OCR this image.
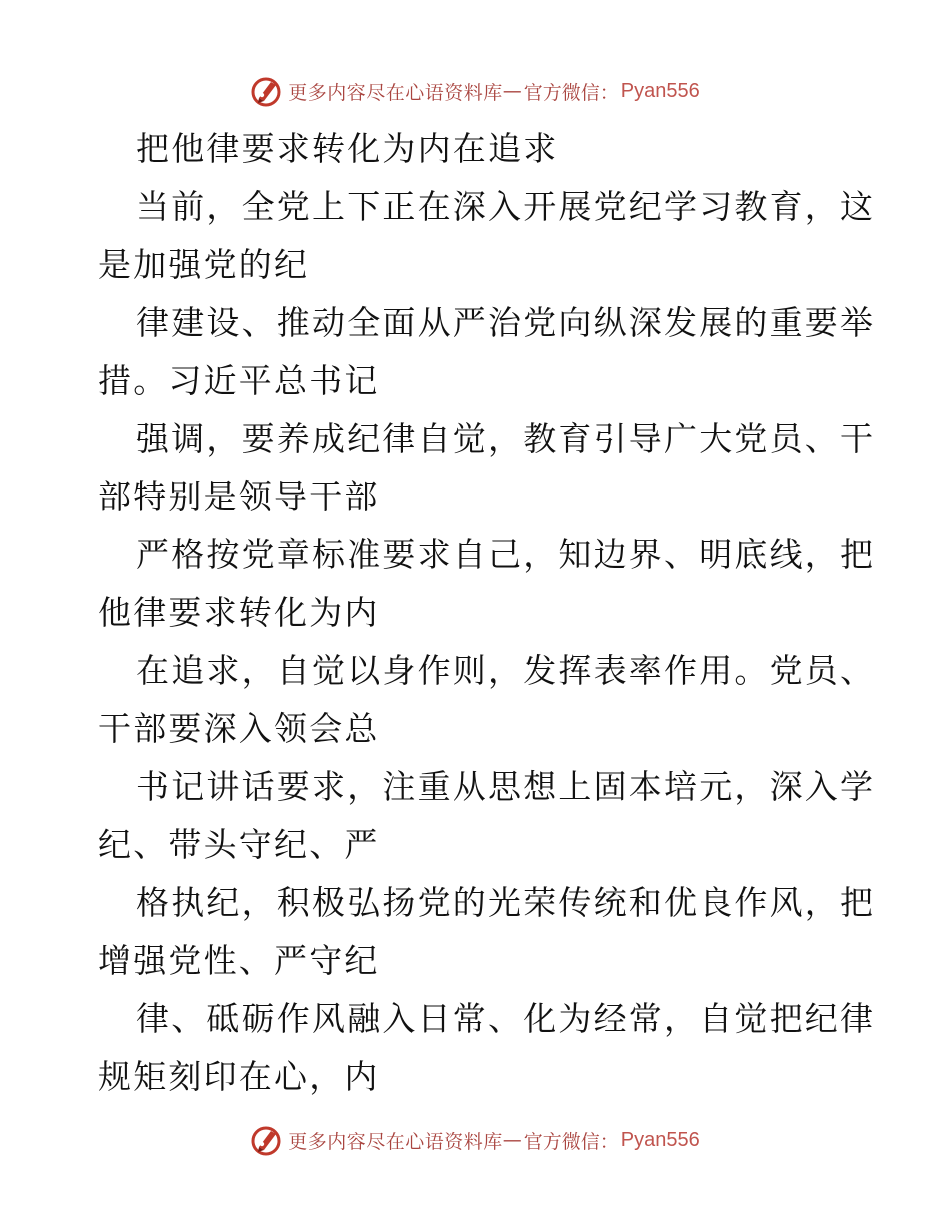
更多内容尽在心语资料库 — 官方微信： Pyan556
把他律要求转化为内在追求
当前，全党上下正在深入开展党纪学习教育，这
是加强党的纪
律建设、推动全面从严治党向纵深发展的重要举
措。习近平总书记
强调，要养成纪律自觉，教育引导广大党员、干
部特别是领导干部
严格按党章标准要求自己，知边界、明底线，把
他律要求转化为内
在追求，自觉以身作则，发挥表率作用。党员、
干部要深入领会总
书记讲话要求，注重从思想上固本培元，深入学
纪、带头守纪、严
格执纪，积极弘扬党的光荣传统和优良作风，把
增强党性、严守纪
律、砥砺作风融入日常、化为经常，自觉把纪律
规矩刻印在心，内
更多内容尽在心语资料库 — 官方微信： Pyan556
